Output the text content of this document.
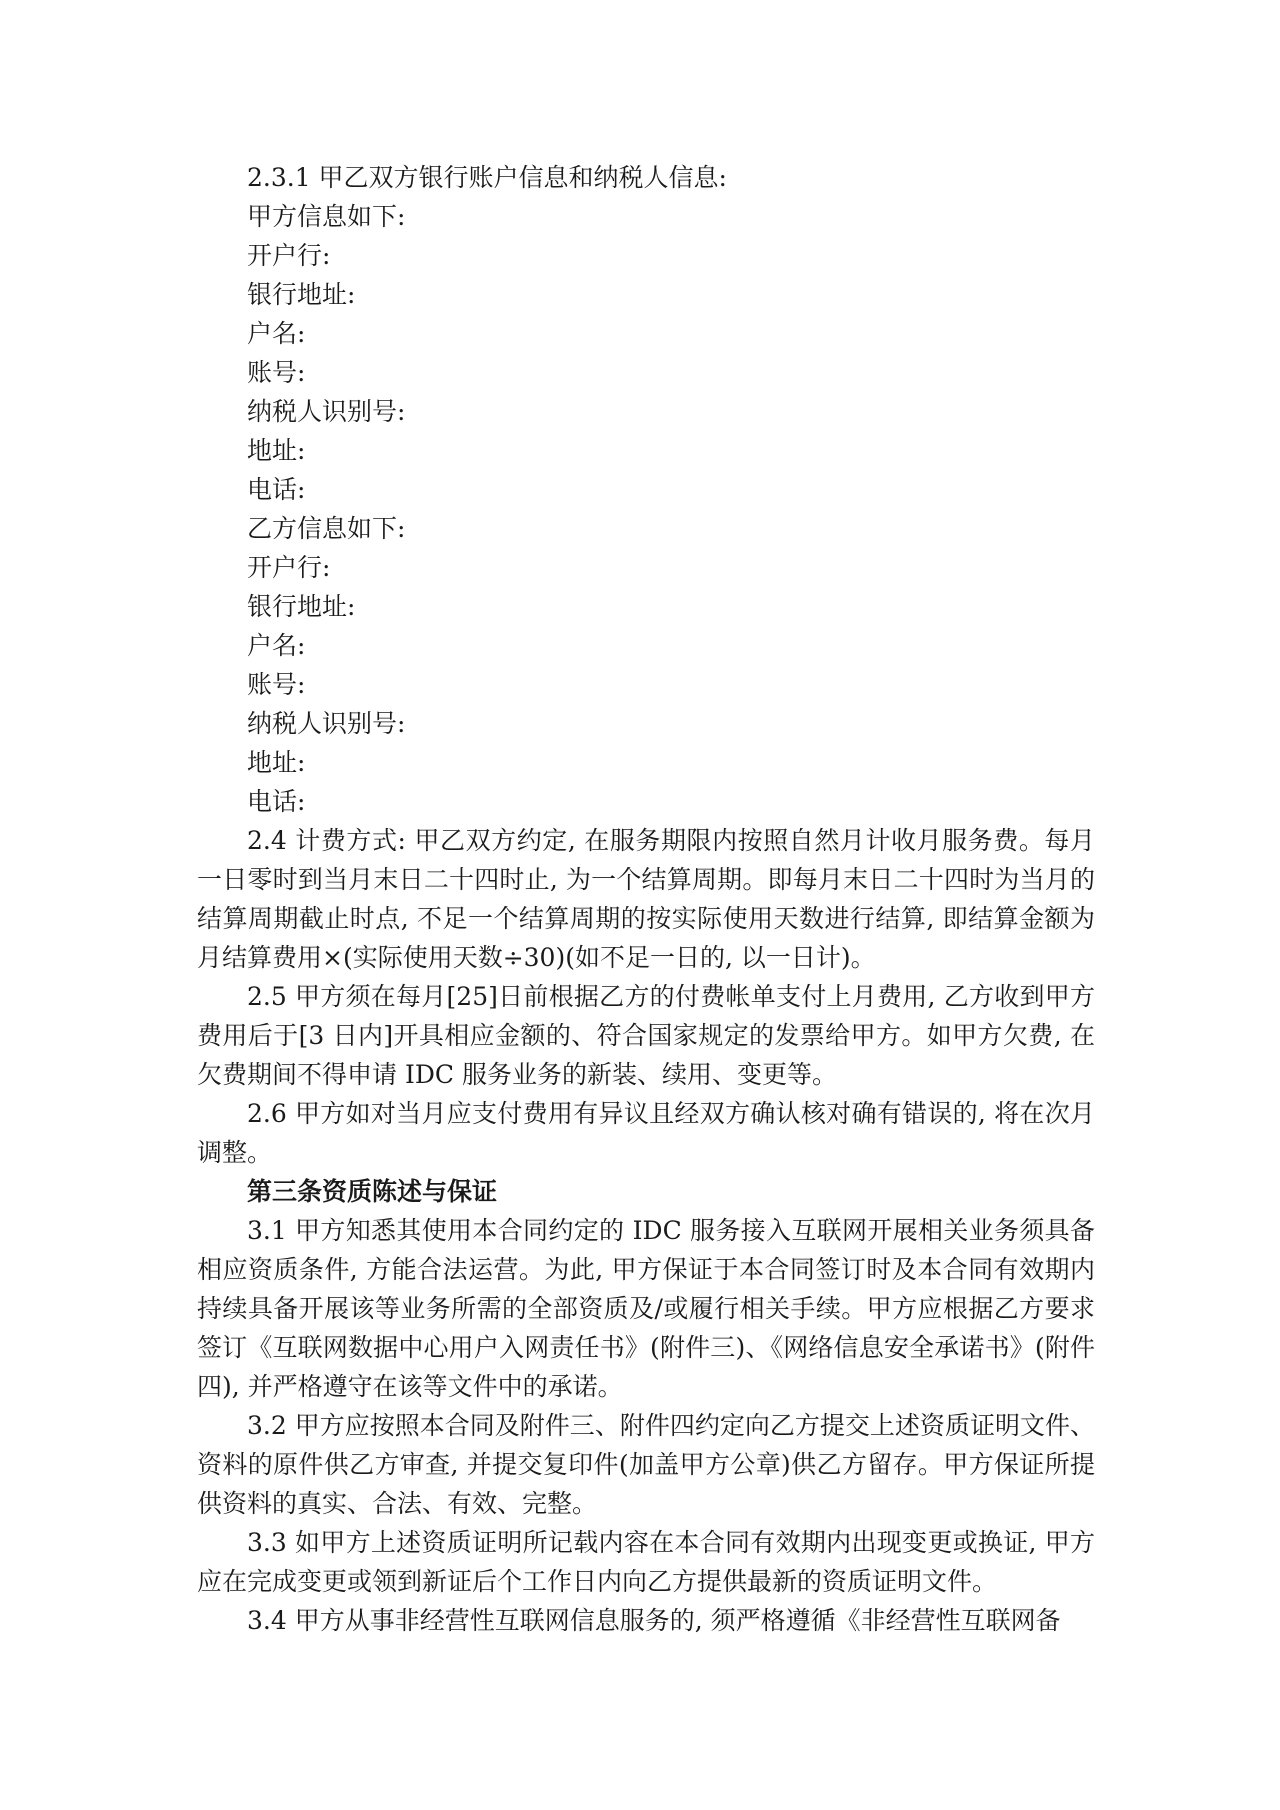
2.3.1 甲乙双方银行账户信息和纳税人信息:

甲方信息如下:

开户行:

银行地址:

户名:

账号:

纳税人识别号:

地址:

电话:

乙方信息如下:

开户行:

银行地址:

户名:

账号:

纳税人识别号:

地址:

电话:

2.4 计费方式: 甲乙双方约定, 在服务期限内按照自然月计收月服务费。每月一日零时到当月末日二十四时止, 为一个结算周期。即每月末日二十四时为当月的结算周期截止时点, 不足一个结算周期的按实际使用天数进行结算, 即结算金额为月结算费用×(实际使用天数÷30)(如不足一日的, 以一日计)。

2.5 甲方须在每月[25]日前根据乙方的付费帐单支付上月费用, 乙方收到甲方费用后于[3 日内]开具相应金额的、符合国家规定的发票给甲方。如甲方欠费, 在欠费期间不得申请 IDC 服务业务的新装、续用、变更等。

2.6 甲方如对当月应支付费用有异议且经双方确认核对确有错误的, 将在次月调整。

第三条资质陈述与保证

3.1 甲方知悉其使用本合同约定的 IDC 服务接入互联网开展相关业务须具备相应资质条件, 方能合法运营。为此, 甲方保证于本合同签订时及本合同有效期内持续具备开展该等业务所需的全部资质及/或履行相关手续。甲方应根据乙方要求签订《互联网数据中心用户入网责任书》(附件三)、《网络信息安全承诺书》(附件四), 并严格遵守在该等文件中的承诺。

3.2 甲方应按照本合同及附件三、附件四约定向乙方提交上述资质证明文件、资料的原件供乙方审查, 并提交复印件(加盖甲方公章)供乙方留存。甲方保证所提供资料的真实、合法、有效、完整。

3.3 如甲方上述资质证明所记载内容在本合同有效期内出现变更或换证, 甲方应在完成变更或领到新证后个工作日内向乙方提供最新的资质证明文件。

3.4 甲方从事非经营性互联网信息服务的, 须严格遵循《非经营性互联网备
